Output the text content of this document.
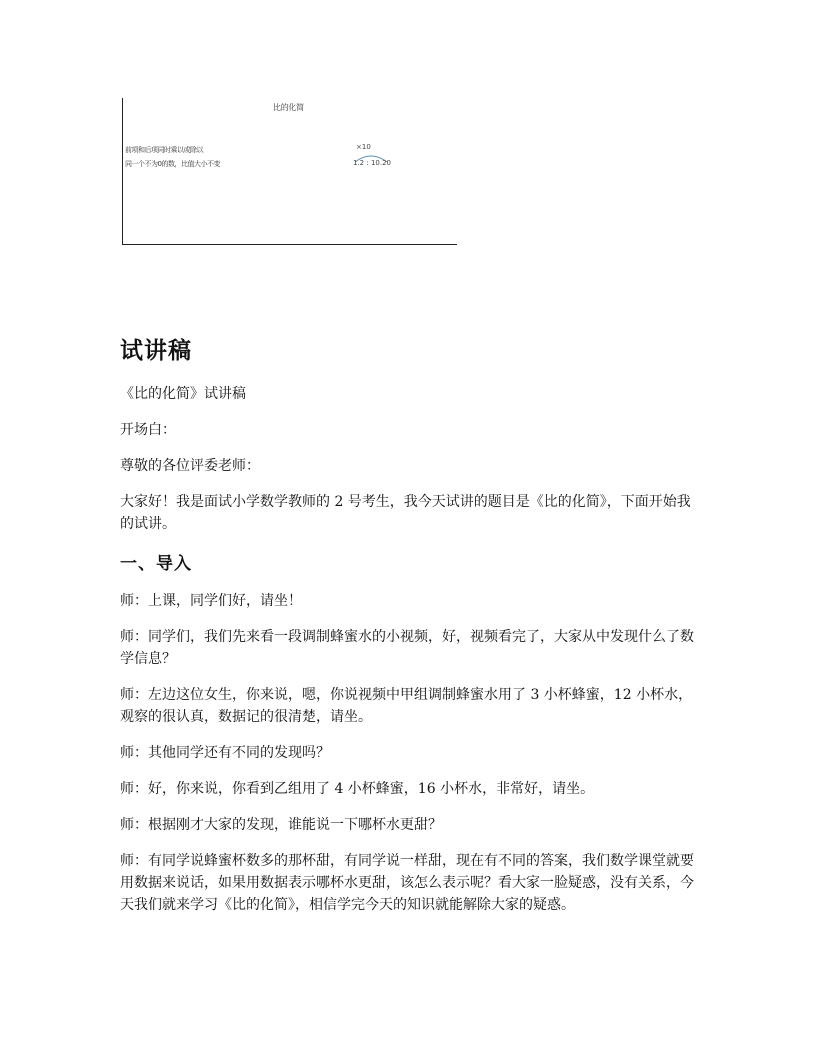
比的化简
前项和后项同时乘以或除以
同一个不为0的数，比值大小不变
×10
1.2 : 10.20
试讲稿

《比的化简》试讲稿

开场白：

尊敬的各位评委老师：

大家好！我是面试小学数学教师的 2 号考生，我今天试讲的题目是《比的化简》，下面开始我的试讲。

一、导入

师：上课，同学们好，请坐！

师：同学们，我们先来看一段调制蜂蜜水的小视频，好，视频看完了，大家从中发现什么了数学信息？

师：左边这位女生，你来说，嗯，你说视频中甲组调制蜂蜜水用了 3 小杯蜂蜜，12 小杯水，观察的很认真，数据记的很清楚，请坐。

师：其他同学还有不同的发现吗？

师：好，你来说，你看到乙组用了 4 小杯蜂蜜，16 小杯水，非常好，请坐。

师：根据刚才大家的发现，谁能说一下哪杯水更甜？

师：有同学说蜂蜜杯数多的那杯甜，有同学说一样甜，现在有不同的答案，我们数学课堂就要用数据来说话，如果用数据表示哪杯水更甜，该怎么表示呢？看大家一脸疑惑，没有关系，今天我们就来学习《比的化简》，相信学完今天的知识就能解除大家的疑惑。
